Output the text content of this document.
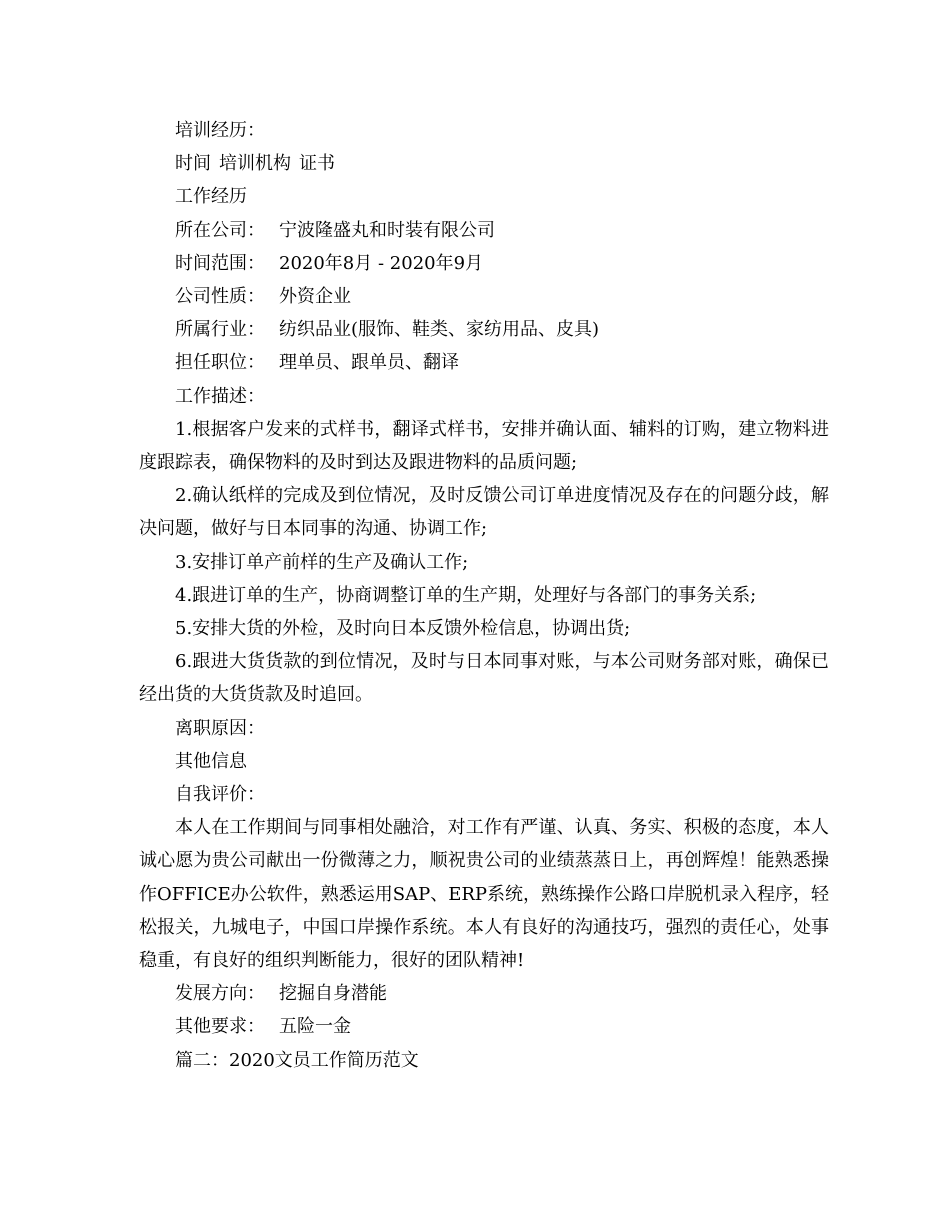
培训经历：

时间 培训机构 证书

工作经历

所在公司： 宁波隆盛丸和时装有限公司

时间范围： 2020年8月 - 2020年9月

公司性质： 外资企业

所属行业： 纺织品业(服饰、鞋类、家纺用品、皮具)

担任职位： 理单员、跟单员、翻译

工作描述：

1.根据客户发来的式样书，翻译式样书，安排并确认面、辅料的订购，建立物料进度跟踪表，确保物料的及时到达及跟进物料的品质问题;

2.确认纸样的完成及到位情况，及时反馈公司订单进度情况及存在的问题分歧，解决问题，做好与日本同事的沟通、协调工作;

3.安排订单产前样的生产及确认工作;

4.跟进订单的生产，协商调整订单的生产期，处理好与各部门的事务关系;

5.安排大货的外检，及时向日本反馈外检信息，协调出货;

6.跟进大货货款的到位情况，及时与日本同事对账，与本公司财务部对账，确保已经出货的大货货款及时追回。

离职原因：

其他信息

自我评价：

本人在工作期间与同事相处融洽，对工作有严谨、认真、务实、积极的态度，本人诚心愿为贵公司献出一份微薄之力，顺祝贵公司的业绩蒸蒸日上，再创辉煌！能熟悉操作OFFICE办公软件，熟悉运用SAP、ERP系统，熟练操作公路口岸脱机录入程序，轻松报关，九城电子，中国口岸操作系统。本人有良好的沟通技巧，强烈的责任心，处事稳重，有良好的组织判断能力，很好的团队精神!

发展方向： 挖掘自身潜能

其他要求： 五险一金

篇二：2020文员工作简历范文
